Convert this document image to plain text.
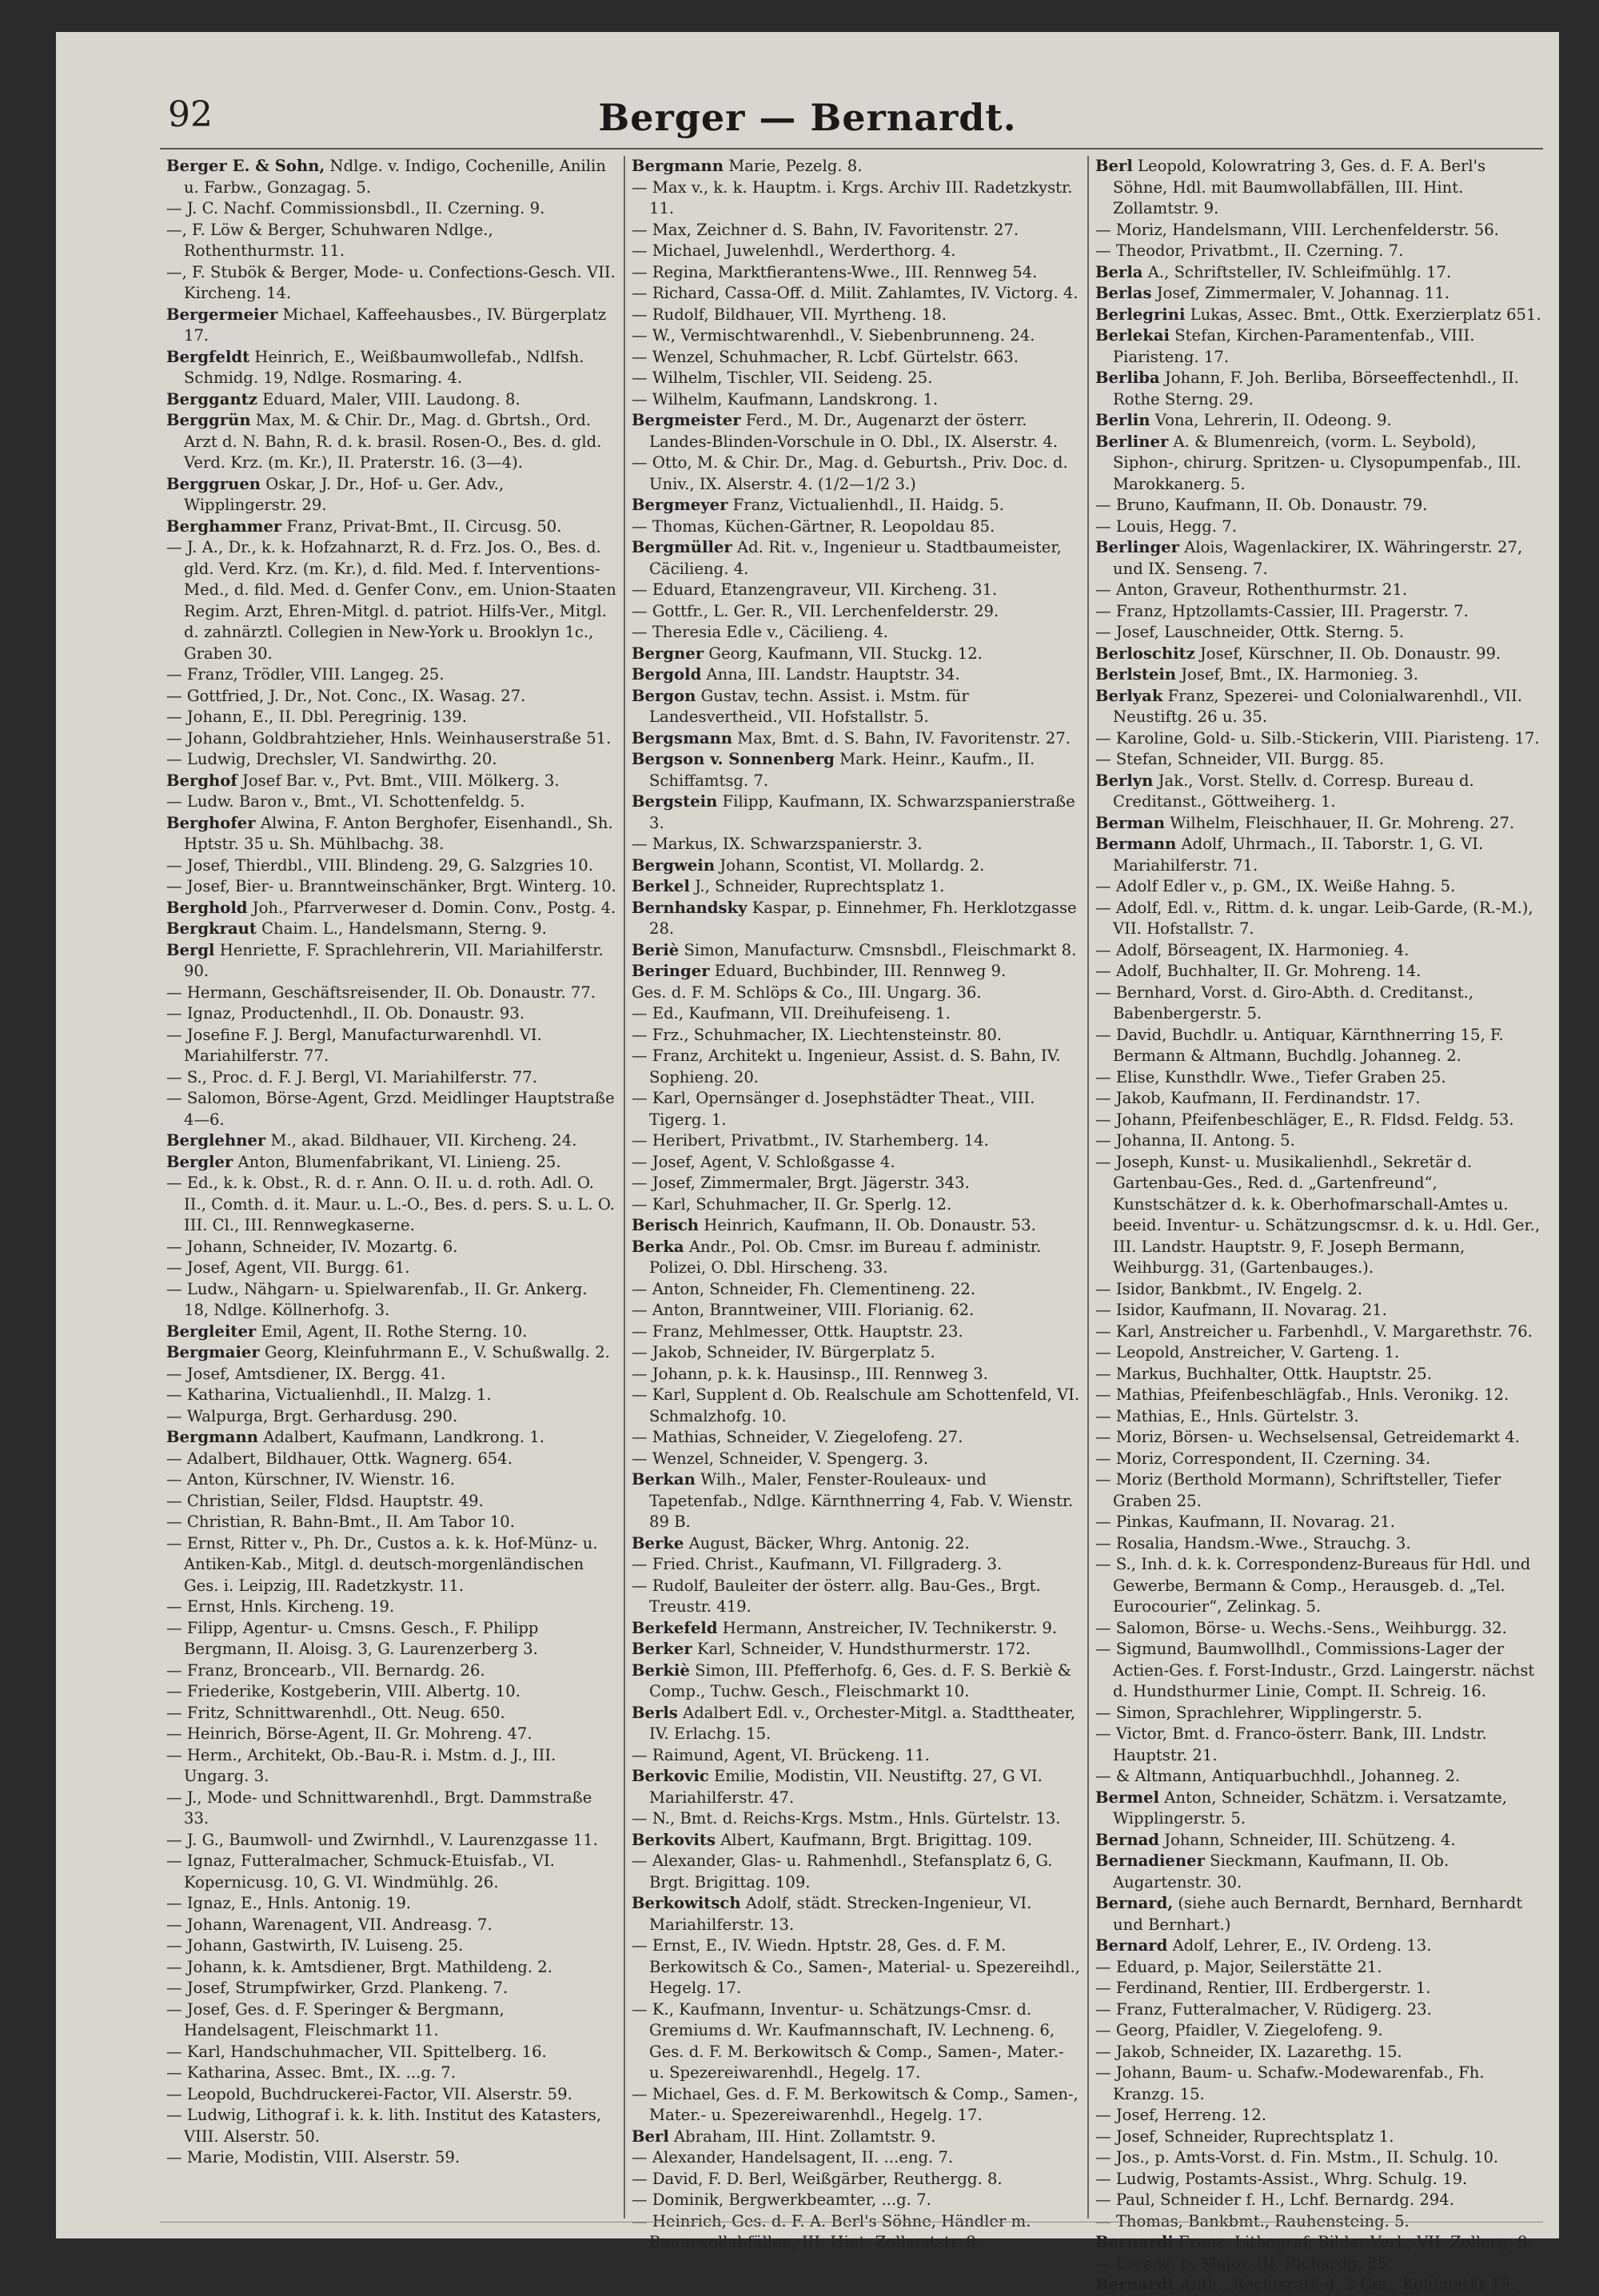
92	Berger — Bernardt.

Berger E. & Sohn, Ndlge. v. Indigo, Cochenille, Anilin u. Farbw., Gonzagag. 5.

— J. C. Nachf. Commissionsbdl., II. Czerning. 9.

—, F. Löw & Berger, Schuhwaren Ndlge., Rothenthurmstr. 11.

—, F. Stubök & Berger, Mode- u. Confections-Gesch. VII. Kircheng. 14.

Bergermeier Michael, Kaffeehausbes., IV. Bürgerplatz 17.

Bergfeldt Heinrich, E., Weißbaumwollefab., Ndlfsh. Schmidg. 19, Ndlge. Rosmaring. 4.

Berggantz Eduard, Maler, VIII. Laudong. 8.

Berggrün Max, M. & Chir. Dr., Mag. d. Gbrtsh., Ord. Arzt d. N. Bahn, R. d. k. brasil. Rosen-O., Bes. d. gld. Verd. Krz. (m. Kr.), II. Praterstr. 16. (3—4).

Berggruen Oskar, J. Dr., Hof- u. Ger. Adv., Wipplingerstr. 29.

Berghammer Franz, Privat-Bmt., II. Circusg. 50.

— J. A., Dr., k. k. Hofzahnarzt, R. d. Frz. Jos. O., Bes. d. gld. Verd. Krz. (m. Kr.), d. fild. Med. f. Interventions-Med., d. fild. Med. d. Genfer Conv., em. Union-Staaten Regim. Arzt, Ehren-Mitgl. d. patriot. Hilfs-Ver., Mitgl. d. zahnärztl. Collegien in New-York u. Brooklyn 1c., Graben 30.

— Franz, Trödler, VIII. Langeg. 25.

— Gottfried, J. Dr., Not. Conc., IX. Wasag. 27.

— Johann, E., II. Dbl. Peregrinig. 139.

— Johann, Goldbrahtzieher, Hnls. Weinhauserstraße 51.

— Ludwig, Drechsler, VI. Sandwirthg. 20.

Berghof Josef Bar. v., Pvt. Bmt., VIII. Mölkerg. 3.

— Ludw. Baron v., Bmt., VI. Schottenfeldg. 5.

Berghofer Alwina, F. Anton Berghofer, Eisenhandl., Sh. Hptstr. 35 u. Sh. Mühlbachg. 38.

— Josef, Thierdbl., VIII. Blindeng. 29, G. Salzgries 10.

— Josef, Bier- u. Branntweinschänker, Brgt. Winterg. 10.

Berghold Joh., Pfarrverweser d. Domin. Conv., Postg. 4.

Bergkraut Chaim. L., Handelsmann, Sterng. 9.

Bergl Henriette, F. Sprachlehrerin, VII. Mariahilferstr. 90.

— Hermann, Geschäftsreisender, II. Ob. Donaustr. 77.

— Ignaz, Productenhdl., II. Ob. Donaustr. 93.

— Josefine F. J. Bergl, Manufacturwarenhdl. VI. Mariahilferstr. 77.

— S., Proc. d. F. J. Bergl, VI. Mariahilferstr. 77.

— Salomon, Börse-Agent, Grzd. Meidlinger Hauptstraße 4—6.

Berglehner M., akad. Bildhauer, VII. Kircheng. 24.

Bergler Anton, Blumenfabrikant, VI. Linieng. 25.

— Ed., k. k. Obst., R. d. r. Ann. O. II. u. d. roth. Adl. O. II., Comth. d. it. Maur. u. L.-O., Bes. d. pers. S. u. L. O. III. Cl., III. Rennwegkaserne.

— Johann, Schneider, IV. Mozartg. 6.

— Josef, Agent, VII. Burgg. 61.

— Ludw., Nähgarn- u. Spielwarenfab., II. Gr. Ankerg. 18, Ndlge. Köllnerhofg. 3.

Bergleiter Emil, Agent, II. Rothe Sterng. 10.

Bergmaier Georg, Kleinfuhrmann E., V. Schußwallg. 2.

— Josef, Amtsdiener, IX. Bergg. 41.

— Katharina, Victualienhdl., II. Malzg. 1.

— Walpurga, Brgt. Gerhardusg. 290.

Bergmann Adalbert, Kaufmann, Landkrong. 1.

— Adalbert, Bildhauer, Ottk. Wagnerg. 654.

— Anton, Kürschner, IV. Wienstr. 16.

— Christian, Seiler, Fldsd. Hauptstr. 49.

— Christian, R. Bahn-Bmt., II. Am Tabor 10.

— Ernst, Ritter v., Ph. Dr., Custos a. k. k. Hof-Münz- u. Antiken-Kab., Mitgl. d. deutsch-morgenländischen Ges. i. Leipzig, III. Radetzkystr. 11.

— Ernst, Hnls. Kircheng. 19.

— Filipp, Agentur- u. Cmsns. Gesch., F. Philipp Bergmann, II. Aloisg. 3, G. Laurenzerberg 3.

— Franz, Broncearb., VII. Bernardg. 26.

— Friederike, Kostgeberin, VIII. Albertg. 10.

— Fritz, Schnittwarenhdl., Ott. Neug. 650.

— Heinrich, Börse-Agent, II. Gr. Mohreng. 47.

— Herm., Architekt, Ob.-Bau-R. i. Mstm. d. J., III. Ungarg. 3.

— J., Mode- und Schnittwarenhdl., Brgt. Dammstraße 33.

— J. G., Baumwoll- und Zwirnhdl., V. Laurenzgasse 11.

— Ignaz, Futteralmacher, Schmuck-Etuisfab., VI. Kopernicusg. 10, G. VI. Windmühlg. 26.

— Ignaz, E., Hnls. Antonig. 19.

— Johann, Warenagent, VII. Andreasg. 7.

— Johann, Gastwirth, IV. Luiseng. 25.

— Johann, k. k. Amtsdiener, Brgt. Mathildeng. 2.

— Josef, Strumpfwirker, Grzd. Plankeng. 7.

— Josef, Ges. d. F. Speringer & Bergmann, Handelsagent, Fleischmarkt 11.

— Karl, Handschuhmacher, VII. Spittelberg. 16.

— Katharina, Assec. Bmt., IX. ...g. 7.

— Leopold, Buchdruckerei-Factor, VII. Alserstr. 59.

— Ludwig, Lithograf i. k. k. lith. Institut des Katasters, VIII. Alserstr. 50.

— Marie, Modistin, VIII. Alserstr. 59.

Bergmann Marie, Pezelg. 8.

— Max v., k. k. Hauptm. i. Krgs. Archiv III. Radetzkystr. 11.

— Max, Zeichner d. S. Bahn, IV. Favoritenstr. 27.

— Michael, Juwelenhdl., Werderthorg. 4.

— Regina, Marktfierantens-Wwe., III. Rennweg 54.

— Richard, Cassa-Off. d. Milit. Zahlamtes, IV. Victorg. 4.

— Rudolf, Bildhauer, VII. Myrtheng. 18.

— W., Vermischtwarenhdl., V. Siebenbrunneng. 24.

— Wenzel, Schuhmacher, R. Lcbf. Gürtelstr. 663.

— Wilhelm, Tischler, VII. Seideng. 25.

— Wilhelm, Kaufmann, Landskrong. 1.

Bergmeister Ferd., M. Dr., Augenarzt der österr. Landes-Blinden-Vorschule in O. Dbl., IX. Alserstr. 4.

— Otto, M. & Chir. Dr., Mag. d. Geburtsh., Priv. Doc. d. Univ., IX. Alserstr. 4. (1/2—1/2 3.)

Bergmeyer Franz, Victualienhdl., II. Haidg. 5.

— Thomas, Küchen-Gärtner, R. Leopoldau 85.

Bergmüller Ad. Rit. v., Ingenieur u. Stadtbaumeister, Cäcilieng. 4.

— Eduard, Etanzengraveur, VII. Kircheng. 31.

— Gottfr., L. Ger. R., VII. Lerchenfelderstr. 29.

— Theresia Edle v., Cäcilieng. 4.

Bergner Georg, Kaufmann, VII. Stuckg. 12.

Bergold Anna, III. Landstr. Hauptstr. 34.

Bergon Gustav, techn. Assist. i. Mstm. für Landesvertheid., VII. Hofstallstr. 5.

Bergsmann Max, Bmt. d. S. Bahn, IV. Favoritenstr. 27.

Bergson v. Sonnenberg Mark. Heinr., Kaufm., II. Schiffamtsg. 7.

Bergstein Filipp, Kaufmann, IX. Schwarzspanierstraße 3.

— Markus, IX. Schwarzspanierstr. 3.

Bergwein Johann, Scontist, VI. Mollardg. 2.

Berkel J., Schneider, Ruprechtsplatz 1.

Bernhandsky Kaspar, p. Einnehmer, Fh. Herklotzgasse 28.

Beriè Simon, Manufacturw. Cmsnsbdl., Fleischmarkt 8.

Beringer Eduard, Buchbinder, III. Rennweg 9.

Ges. d. F. M. Schlöps & Co., III. Ungarg. 36.

— Ed., Kaufmann, VII. Dreihufeiseng. 1.

— Frz., Schuhmacher, IX. Liechtensteinstr. 80.

— Franz, Architekt u. Ingenieur, Assist. d. S. Bahn, IV. Sophieng. 20.

— Karl, Opernsänger d. Josephstädter Theat., VIII. Tigerg. 1.

— Heribert, Privatbmt., IV. Starhemberg. 14.

— Josef, Agent, V. Schloßgasse 4.

— Josef, Zimmermaler, Brgt. Jägerstr. 343.

— Karl, Schuhmacher, II. Gr. Sperlg. 12.

Berisch Heinrich, Kaufmann, II. Ob. Donaustr. 53.

Berka Andr., Pol. Ob. Cmsr. im Bureau f. administr. Polizei, O. Dbl. Hirscheng. 33.

— Anton, Schneider, Fh. Clementineng. 22.

— Anton, Branntweiner, VIII. Florianig. 62.

— Franz, Mehlmesser, Ottk. Hauptstr. 23.

— Jakob, Schneider, IV. Bürgerplatz 5.

— Johann, p. k. k. Hausinsp., III. Rennweg 3.

— Karl, Supplent d. Ob. Realschule am Schottenfeld, VI. Schmalzhofg. 10.

— Mathias, Schneider, V. Ziegelofeng. 27.

— Wenzel, Schneider, V. Spengerg. 3.

Berkan Wilh., Maler, Fenster-Rouleaux- und Tapetenfab., Ndlge. Kärnthnerring 4, Fab. V. Wienstr. 89 B.

Berke August, Bäcker, Whrg. Antonig. 22.

— Fried. Christ., Kaufmann, VI. Fillgraderg. 3.

— Rudolf, Bauleiter der österr. allg. Bau-Ges., Brgt. Treustr. 419.

Berkefeld Hermann, Anstreicher, IV. Technikerstr. 9.

Berker Karl, Schneider, V. Hundsthurmerstr. 172.

Berkiè Simon, III. Pfefferhofg. 6, Ges. d. F. S. Berkiè & Comp., Tuchw. Gesch., Fleischmarkt 10.

Berls Adalbert Edl. v., Orchester-Mitgl. a. Stadttheater, IV. Erlachg. 15.

— Raimund, Agent, VI. Brückeng. 11.

Berkovic Emilie, Modistin, VII. Neustiftg. 27, G VI. Mariahilferstr. 47.

— N., Bmt. d. Reichs-Krgs. Mstm., Hnls. Gürtelstr. 13.

Berkovits Albert, Kaufmann, Brgt. Brigittag. 109.

— Alexander, Glas- u. Rahmenhdl., Stefansplatz 6, G. Brgt. Brigittag. 109.

Berkowitsch Adolf, städt. Strecken-Ingenieur, VI. Mariahilferstr. 13.

— Ernst, E., IV. Wiedn. Hptstr. 28, Ges. d. F. M. Berkowitsch & Co., Samen-, Material- u. Spezereihdl., Hegelg. 17.

— K., Kaufmann, Inventur- u. Schätzungs-Cmsr. d. Gremiums d. Wr. Kaufmannschaft, IV. Lechneng. 6, Ges. d. F. M. Berkowitsch & Comp., Samen-, Mater.- u. Spezereiwarenhdl., Hegelg. 17.

— Michael, Ges. d. F. M. Berkowitsch & Comp., Samen-, Mater.- u. Spezereiwarenhdl., Hegelg. 17.

Berl Abraham, III. Hint. Zollamtstr. 9.

— Alexander, Handelsagent, II. ...eng. 7.

— David, F. D. Berl, Weißgärber, Reuthergg. 8.

— Dominik, Bergwerkbeamter, ...g. 7.

— Heinrich, Ges. d. F. A. Berl's Söhne, Händler m. Baumwollabfällen, III. Hint. Zollamtstr. 9.

Berl Leopold, Kolowratring 3, Ges. d. F. A. Berl's Söhne, Hdl. mit Baumwollabfällen, III. Hint. Zollamtstr. 9.

— Moriz, Handelsmann, VIII. Lerchenfelderstr. 56.

— Theodor, Privatbmt., II. Czerning. 7.

Berla A., Schriftsteller, IV. Schleifmühlg. 17.

Berlas Josef, Zimmermaler, V. Johannag. 11.

Berlegrini Lukas, Assec. Bmt., Ottk. Exerzierplatz 651.

Berlekai Stefan, Kirchen-Paramentenfab., VIII. Piaristeng. 17.

Berliba Johann, F. Joh. Berliba, Börseeffectenhdl., II. Rothe Sterng. 29.

Berlin Vona, Lehrerin, II. Odeong. 9.

Berliner A. & Blumenreich, (vorm. L. Seybold), Siphon-, chirurg. Spritzen- u. Clysopumpenfab., III. Marokkanerg. 5.

— Bruno, Kaufmann, II. Ob. Donaustr. 79.

— Louis, Hegg. 7.

Berlinger Alois, Wagenlackirer, IX. Währingerstr. 27, und IX. Senseng. 7.

— Anton, Graveur, Rothenthurmstr. 21.

— Franz, Hptzollamts-Cassier, III. Pragerstr. 7.

— Josef, Lauschneider, Ottk. Sterng. 5.

Berloschitz Josef, Kürschner, II. Ob. Donaustr. 99.

Berlstein Josef, Bmt., IX. Harmonieg. 3.

Berlyak Franz, Spezerei- und Colonialwarenhdl., VII. Neustiftg. 26 u. 35.

— Karoline, Gold- u. Silb.-Stickerin, VIII. Piaristeng. 17.

— Stefan, Schneider, VII. Burgg. 85.

Berlyn Jak., Vorst. Stellv. d. Corresp. Bureau d. Creditanst., Göttweiherg. 1.

Berman Wilhelm, Fleischhauer, II. Gr. Mohreng. 27.

Bermann Adolf, Uhrmach., II. Taborstr. 1, G. VI. Mariahilferstr. 71.

— Adolf Edler v., p. GM., IX. Weiße Hahng. 5.

— Adolf, Edl. v., Rittm. d. k. ungar. Leib-Garde, (R.-M.), VII. Hofstallstr. 7.

— Adolf, Börseagent, IX. Harmonieg. 4.

— Adolf, Buchhalter, II. Gr. Mohreng. 14.

— Bernhard, Vorst. d. Giro-Abth. d. Creditanst., Babenbergerstr. 5.

— David, Buchdlr. u. Antiquar, Kärnthnerring 15, F. Bermann & Altmann, Buchdlg. Johanneg. 2.

— Elise, Kunsthdlr. Wwe., Tiefer Graben 25.

— Jakob, Kaufmann, II. Ferdinandstr. 17.

— Johann, Pfeifenbeschläger, E., R. Fldsd. Feldg. 53.

— Johanna, II. Antong. 5.

— Joseph, Kunst- u. Musikalienhdl., Sekretär d. Gartenbau-Ges., Red. d. „Gartenfreund“, Kunstschätzer d. k. k. Oberhofmarschall-Amtes u. beeid. Inventur- u. Schätzungscmsr. d. k. u. Hdl. Ger., III. Landstr. Hauptstr. 9, F. Joseph Bermann, Weihburgg. 31, (Gartenbauges.).

— Isidor, Bankbmt., IV. Engelg. 2.

— Isidor, Kaufmann, II. Novarag. 21.

— Karl, Anstreicher u. Farbenhdl., V. Margarethstr. 76.

— Leopold, Anstreicher, V. Garteng. 1.

— Markus, Buchhalter, Ottk. Hauptstr. 25.

— Mathias, Pfeifenbeschlägfab., Hnls. Veronikg. 12.

— Mathias, E., Hnls. Gürtelstr. 3.

— Moriz, Börsen- u. Wechselsensal, Getreidemarkt 4.

— Moriz, Correspondent, II. Czerning. 34.

— Moriz (Berthold Mormann), Schriftsteller, Tiefer Graben 25.

— Pinkas, Kaufmann, II. Novarag. 21.

— Rosalia, Handsm.-Wwe., Strauchg. 3.

— S., Inh. d. k. k. Correspondenz-Bureaus für Hdl. und Gewerbe, Bermann & Comp., Herausgeb. d. „Tel. Eurocourier“, Zelinkag. 5.

— Salomon, Börse- u. Wechs.-Sens., Weihburgg. 32.

— Sigmund, Baumwollhdl., Commissions-Lager der Actien-Ges. f. Forst-Industr., Grzd. Laingerstr. nächst d. Hundsthurmer Linie, Compt. II. Schreig. 16.

— Simon, Sprachlehrer, Wipplingerstr. 5.

— Victor, Bmt. d. Franco-österr. Bank, III. Lndstr. Hauptstr. 21.

— & Altmann, Antiquarbuchhdl., Johanneg. 2.

Bermel Anton, Schneider, Schätzm. i. Versatzamte, Wipplingerstr. 5.

Bernad Johann, Schneider, III. Schützeng. 4.

Bernadiener Sieckmann, Kaufmann, II. Ob. Augartenstr. 30.

Bernard, (siehe auch Bernardt, Bernhard, Bernhardt und Bernhart.)

Bernard Adolf, Lehrer, E., IV. Ordeng. 13.

— Eduard, p. Major, Seilerstätte 21.

— Ferdinand, Rentier, III. Erdbergerstr. 1.

— Franz, Futteralmacher, V. Rüdigerg. 23.

— Georg, Pfaidler, V. Ziegelofeng. 9.

— Jakob, Schneider, IX. Lazarethg. 15.

— Johann, Baum- u. Schafw.-Modewarenfab., Fh. Kranzg. 15.

— Josef, Herreng. 12.

— Josef, Schneider, Ruprechtsplatz 1.

— Jos., p. Amts-Vorst. d. Fin. Mstm., II. Schulg. 10.

— Ludwig, Postamts-Assist., Whrg. Schulg. 19.

— Paul, Schneider f. H., Lchf. Bernardg. 294.

— Thomas, Bankbmt., Rauhensteing. 5.

Bernardi Franz, Lithograf, Bilder-Verl., VII. Zollerg. 9.

— Lorenz, p. Major, III. Richardg. 25.

Bernardt Anth., Rechtsrath d. 2 Ger., Kohlmarkt 15.
